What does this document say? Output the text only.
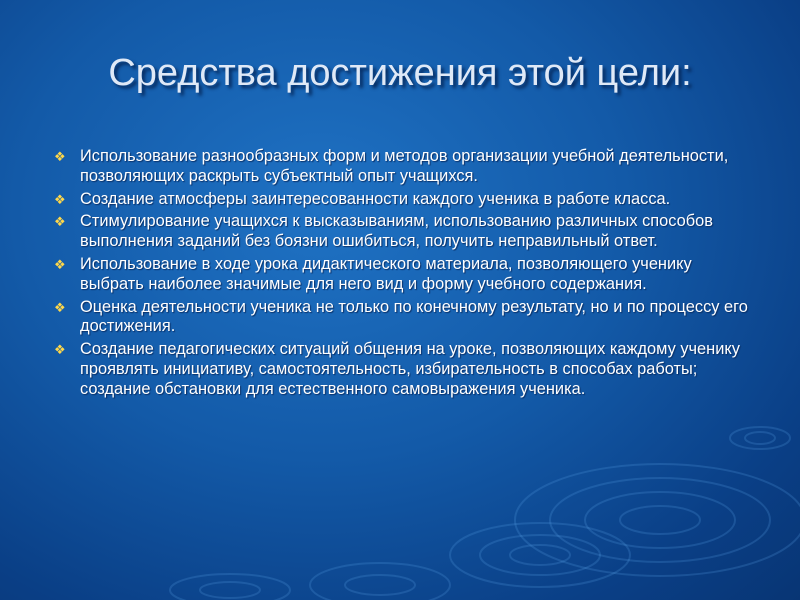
Средства достижения этой цели:
❖ Использование разнообразных форм и методов организации учебной деятельности, позволяющих раскрыть субъектный опыт учащихся.
❖ Создание атмосферы заинтересованности каждого ученика в работе класса.
❖ Стимулирование учащихся к высказываниям, использованию различных способов выполнения заданий без боязни ошибиться, получить неправильный ответ.
❖ Использование в ходе урока дидактического материала, позволяющего ученику выбрать наиболее значимые для него вид и форму учебного содержания.
❖ Оценка деятельности ученика не только по конечному результату, но и по процессу его достижения.
❖ Создание педагогических ситуаций общения на уроке, позволяющих каждому ученику проявлять инициативу, самостоятельность, избирательность в способах работы; создание обстановки для естественного самовыражения ученика.
